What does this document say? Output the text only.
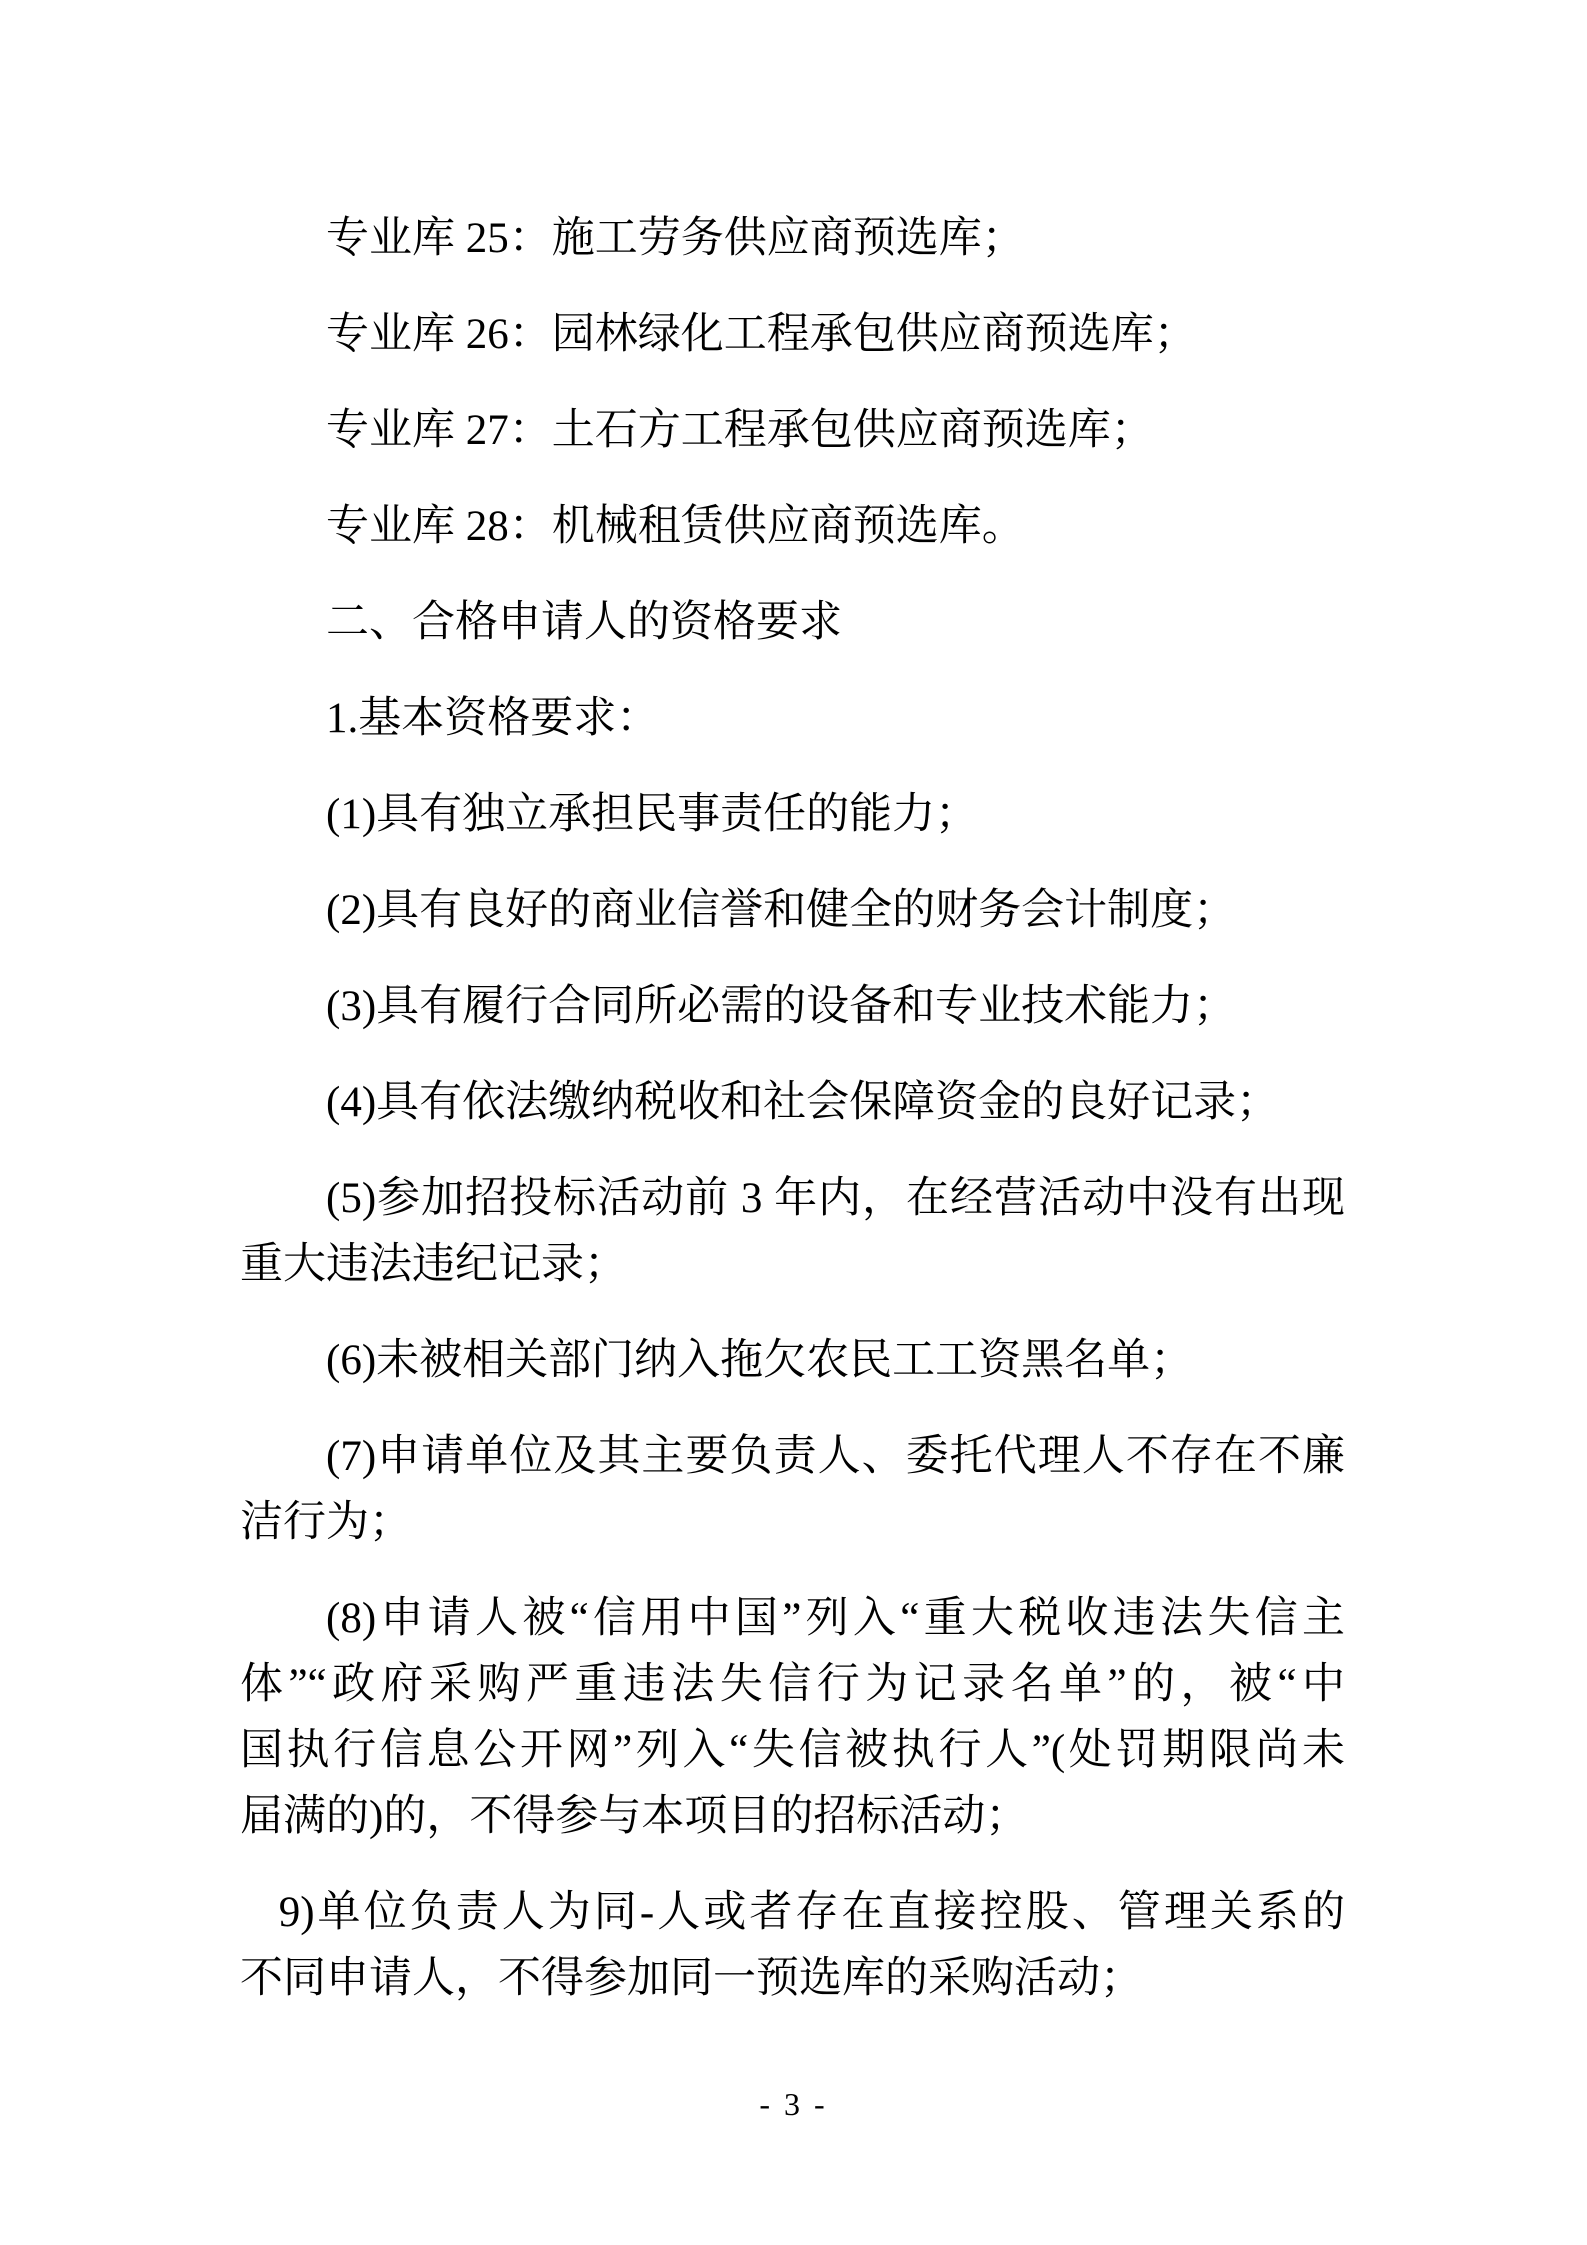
专业库 25：施工劳务供应商预选库；

专业库 26：园林绿化工程承包供应商预选库；

专业库 27：土石方工程承包供应商预选库；

专业库 28：机械租赁供应商预选库。

二、合格申请人的资格要求

1.基本资格要求：

(1)具有独立承担民事责任的能力；

(2)具有良好的商业信誉和健全的财务会计制度；

(3)具有履行合同所必需的设备和专业技术能力；

(4)具有依法缴纳税收和社会保障资金的良好记录；

(5)参加招投标活动前 3 年内，在经营活动中没有出现
重大违法违纪记录；

(6)未被相关部门纳入拖欠农民工工资黑名单；

(7)申请单位及其主要负责人、委托代理人不存在不廉
洁行为；

(8)申请人被“信用中国”列入“重大税收违法失信主
体”“政府采购严重违法失信行为记录名单”的，被“中
国执行信息公开网”列入“失信被执行人”(处罚期限尚未
届满的)的，不得参与本项目的招标活动；

9)单位负责人为同-人或者存在直接控股、管理关系的
不同申请人，不得参加同一预选库的采购活动；

- 3 -
